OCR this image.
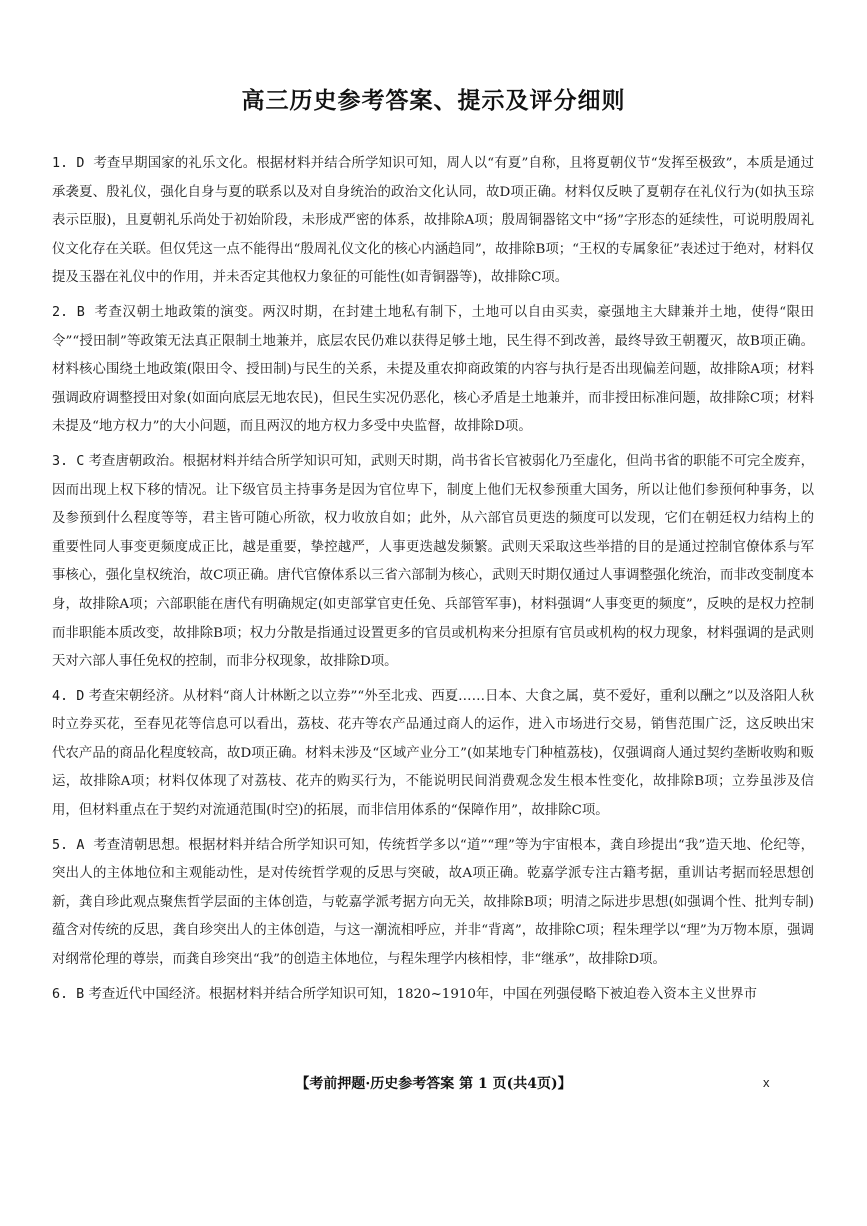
高三历史参考答案、提示及评分细则

1. D 考查早期国家的礼乐文化。根据材料并结合所学知识可知，周人以“有夏”自称，且将夏朝仪节“发挥至极致”，本质是通过承袭夏、殷礼仪，强化自身与夏的联系以及对自身统治的政治文化认同，故D项正确。材料仅反映了夏朝存在礼仪行为(如执玉琮表示臣服)，且夏朝礼乐尚处于初始阶段，未形成严密的体系，故排除A项；殷周铜器铭文中“扬”字形态的延续性，可说明殷周礼仪文化存在关联。但仅凭这一点不能得出“殷周礼仪文化的核心内涵趋同”，故排除B项；“王权的专属象征”表述过于绝对，材料仅提及玉器在礼仪中的作用，并未否定其他权力象征的可能性(如青铜器等)，故排除C项。

2. B 考查汉朝土地政策的演变。两汉时期，在封建土地私有制下，土地可以自由买卖，豪强地主大肆兼并土地，使得“限田令”“授田制”等政策无法真正限制土地兼并，底层农民仍难以获得足够土地，民生得不到改善，最终导致王朝覆灭，故B项正确。材料核心围绕土地政策(限田令、授田制)与民生的关系，未提及重农抑商政策的内容与执行是否出现偏差问题，故排除A项；材料强调政府调整授田对象(如面向底层无地农民)，但民生实况仍恶化，核心矛盾是土地兼并，而非授田标准问题，故排除C项；材料未提及“地方权力”的大小问题，而且两汉的地方权力多受中央监督，故排除D项。

3. C 考查唐朝政治。根据材料并结合所学知识可知，武则天时期，尚书省长官被弱化乃至虚化，但尚书省的职能不可完全废弃，因而出现上权下移的情况。让下级官员主持事务是因为官位卑下，制度上他们无权参预重大国务，所以让他们参预何种事务，以及参预到什么程度等等，君主皆可随心所欲，权力收放自如；此外，从六部官员更迭的频度可以发现，它们在朝廷权力结构上的重要性同人事变更频度成正比，越是重要，挚控越严，人事更迭越发频繁。武则天采取这些举措的目的是通过控制官僚体系与军事核心，强化皇权统治，故C项正确。唐代官僚体系以三省六部制为核心，武则天时期仅通过人事调整强化统治，而非改变制度本身，故排除A项；六部职能在唐代有明确规定(如吏部掌官吏任免、兵部管军事)，材料强调“人事变更的频度”，反映的是权力控制而非职能本质改变，故排除B项；权力分散是指通过设置更多的官员或机构来分担原有官员或机构的权力现象，材料强调的是武则天对六部人事任免权的控制，而非分权现象，故排除D项。

4. D 考查宋朝经济。从材料“商人计林断之以立券”“外至北戎、西夏……日本、大食之属，莫不爱好，重利以酬之”以及洛阳人秋时立券买花，至春见花等信息可以看出，荔枝、花卉等农产品通过商人的运作，进入市场进行交易，销售范围广泛，这反映出宋代农产品的商品化程度较高，故D项正确。材料未涉及“区域产业分工”(如某地专门种植荔枝)，仅强调商人通过契约垄断收购和贩运，故排除A项；材料仅体现了对荔枝、花卉的购买行为，不能说明民间消费观念发生根本性变化，故排除B项；立券虽涉及信用，但材料重点在于契约对流通范围(时空)的拓展，而非信用体系的“保障作用”，故排除C项。

5. A 考查清朝思想。根据材料并结合所学知识可知，传统哲学多以“道”“理”等为宇宙根本，龚自珍提出“我”造天地、伦纪等，突出人的主体地位和主观能动性，是对传统哲学观的反思与突破，故A项正确。乾嘉学派专注古籍考据，重训诂考据而轻思想创新，龚自珍此观点聚焦哲学层面的主体创造，与乾嘉学派考据方向无关，故排除B项；明清之际进步思想(如强调个性、批判专制)蕴含对传统的反思，龚自珍突出人的主体创造，与这一潮流相呼应，并非“背离”，故排除C项；程朱理学以“理”为万物本原，强调对纲常伦理的尊崇，而龚自珍突出“我”的创造主体地位，与程朱理学内核相悖，非“继承”，故排除D项。

6. B 考查近代中国经济。根据材料并结合所学知识可知，1820~1910年，中国在列强侵略下被迫卷入资本主义世界市

【考前押题·历史参考答案 第 1 页(共4页)】	x
